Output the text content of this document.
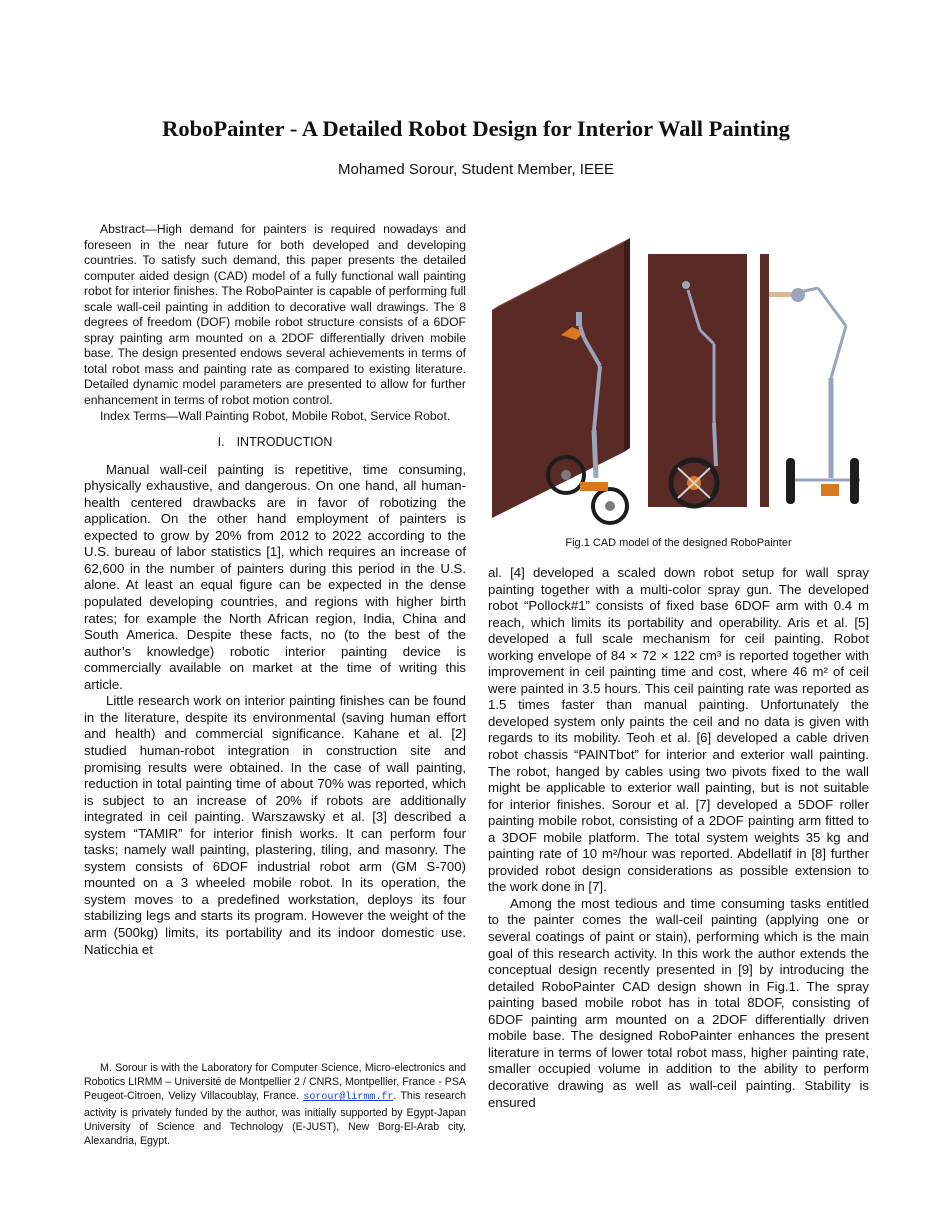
RoboPainter - A Detailed Robot Design for Interior Wall Painting

Mohamed Sorour, Student Member, IEEE

Abstract—High demand for painters is required nowadays and foreseen in the near future for both developed and developing countries. To satisfy such demand, this paper presents the detailed computer aided design (CAD) model of a fully functional wall painting robot for interior finishes. The RoboPainter is capable of performing full scale wall-ceil painting in addition to decorative wall drawings. The 8 degrees of freedom (DOF) mobile robot structure consists of a 6DOF spray painting arm mounted on a 2DOF differentially driven mobile base. The design presented endows several achievements in terms of total robot mass and painting rate as compared to existing literature. Detailed dynamic model parameters are presented to allow for further enhancement in terms of robot motion control.

Index Terms—Wall Painting Robot, Mobile Robot, Service Robot.

I. INTRODUCTION

Manual wall-ceil painting is repetitive, time consuming, physically exhaustive, and dangerous. On one hand, all human-health centered drawbacks are in favor of robotizing the application. On the other hand employment of painters is expected to grow by 20% from 2012 to 2022 according to the U.S. bureau of labor statistics [1], which requires an increase of 62,600 in the number of painters during this period in the U.S. alone. At least an equal figure can be expected in the dense populated developing countries, and regions with higher birth rates; for example the North African region, India, China and South America. Despite these facts, no (to the best of the author’s knowledge) robotic interior painting device is commercially available on market at the time of writing this article.

Little research work on interior painting finishes can be found in the literature, despite its environmental (saving human effort and health) and commercial significance. Kahane et al. [2] studied human-robot integration in construction site and promising results were obtained. In the case of wall painting, reduction in total painting time of about 70% was reported, which is subject to an increase of 20% if robots are additionally integrated in ceil painting. Warszawsky et al. [3] described a system “TAMIR” for interior finish works. It can perform four tasks; namely wall painting, plastering, tiling, and masonry. The system consists of 6DOF industrial robot arm (GM S-700) mounted on a 3 wheeled mobile robot. In its operation, the system moves to a predefined workstation, deploys its four stabilizing legs and starts its program. However the weight of the arm (500kg) limits, its portability and its indoor domestic use. Naticchia et

M. Sorour is with the Laboratory for Computer Science, Micro-electronics and Robotics LIRMM – Université de Montpellier 2 / CNRS, Montpellier, France - PSA Peugeot-Citroen, Velizy Villacoublay, France. sorour@lirmm.fr. This research activity is privately funded by the author, was initially supported by Egypt-Japan University of Science and Technology (E-JUST), New Borg-El-Arab city, Alexandria, Egypt.

Fig.1 CAD model of the designed RoboPainter

al. [4] developed a scaled down robot setup for wall spray painting together with a multi-color spray gun. The developed robot “Pollock#1” consists of fixed base 6DOF arm with 0.4 m reach, which limits its portability and operability. Aris et al. [5] developed a full scale mechanism for ceil painting. Robot working envelope of 84 × 72 × 122 cm³ is reported together with improvement in ceil painting time and cost, where 46 m² of ceil were painted in 3.5 hours. This ceil painting rate was reported as 1.5 times faster than manual painting. Unfortunately the developed system only paints the ceil and no data is given with regards to its mobility. Teoh et al. [6] developed a cable driven robot chassis “PAINTbot” for interior and exterior wall painting. The robot, hanged by cables using two pivots fixed to the wall might be applicable to exterior wall painting, but is not suitable for interior finishes. Sorour et al. [7] developed a 5DOF roller painting mobile robot, consisting of a 2DOF painting arm fitted to a 3DOF mobile platform. The total system weights 35 kg and painting rate of 10 m²/hour was reported. Abdellatif in [8] further provided robot design considerations as possible extension to the work done in [7].

Among the most tedious and time consuming tasks entitled to the painter comes the wall-ceil painting (applying one or several coatings of paint or stain), performing which is the main goal of this research activity. In this work the author extends the conceptual design recently presented in [9] by introducing the detailed RoboPainter CAD design shown in Fig.1. The spray painting based mobile robot has in total 8DOF, consisting of 6DOF painting arm mounted on a 2DOF differentially driven mobile base. The designed RoboPainter enhances the present literature in terms of lower total robot mass, higher painting rate, smaller occupied volume in addition to the ability to perform decorative drawing as well as wall-ceil painting. Stability is ensured
